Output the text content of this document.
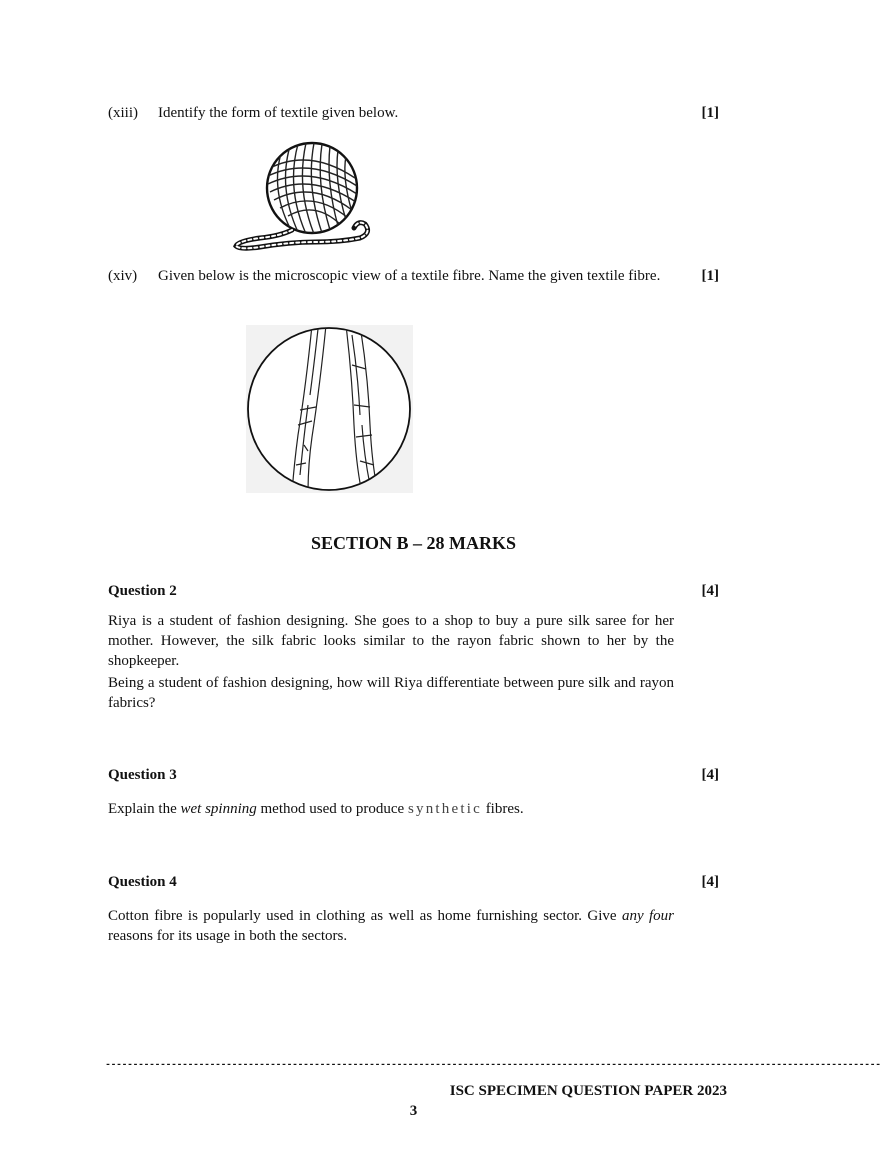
(xiii) Identify the form of textile given below.	[1]
(xiv) Given below is the microscopic view of a textile fibre. Name the given textile fibre.	[1]
SECTION B – 28 MARKS
Question 2	[4]

Riya is a student of fashion designing. She goes to a shop to buy a pure silk saree for her mother. However, the silk fabric looks similar to the rayon fabric shown to her by the shopkeeper.

Being a student of fashion designing, how will Riya differentiate between pure silk and rayon fabrics?

Question 3	[4]

Explain the wet spinning method used to produce synthetic fibres.

Question 4	[4]

Cotton fibre is popularly used in clothing as well as home furnishing sector. Give any four reasons for its usage in both the sectors.

---------------------------------------------------------------------------------------------------------------------------------------------
ISC SPECIMEN QUESTION PAPER 2023
3
